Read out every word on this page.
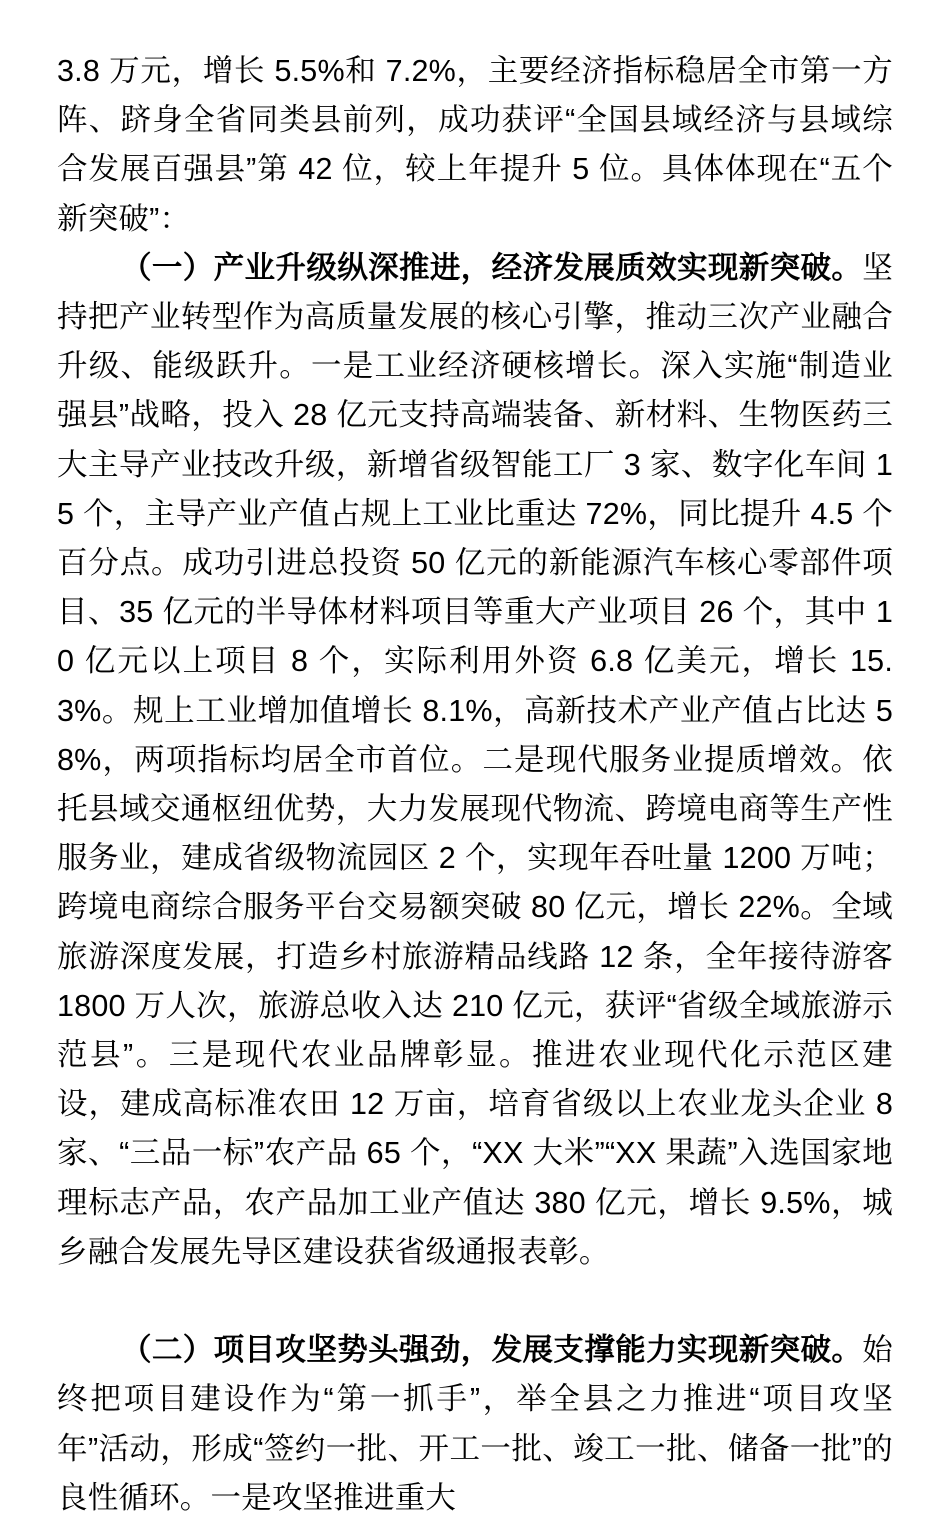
3.8 万元，增长 5.5%和 7.2%，主要经济指标稳居全市第一方阵、跻身全省同类县前列，成功获评“全国县域经济与县域综合发展百强县”第 42 位，较上年提升 5 位。具体体现在“五个新突破”：

（一）产业升级纵深推进，经济发展质效实现新突破。坚持把产业转型作为高质量发展的核心引擎，推动三次产业融合升级、能级跃升。一是工业经济硬核增长。深入实施“制造业强县”战略，投入 28 亿元支持高端装备、新材料、生物医药三大主导产业技改升级，新增省级智能工厂 3 家、数字化车间 15 个，主导产业产值占规上工业比重达 72%，同比提升 4.5 个百分点。成功引进总投资 50 亿元的新能源汽车核心零部件项目、35 亿元的半导体材料项目等重大产业项目 26 个，其中 10 亿元以上项目 8 个，实际利用外资 6.8 亿美元，增长 15.3%。规上工业增加值增长 8.1%，高新技术产业产值占比达 58%，两项指标均居全市首位。二是现代服务业提质增效。依托县域交通枢纽优势，大力发展现代物流、跨境电商等生产性服务业，建成省级物流园区 2 个，实现年吞吐量 1200 万吨；跨境电商综合服务平台交易额突破 80 亿元，增长 22%。全域旅游深度发展，打造乡村旅游精品线路 12 条，全年接待游客 1800 万人次，旅游总收入达 210 亿元，获评“省级全域旅游示范县”。三是现代农业品牌彰显。推进农业现代化示范区建设，建成高标准农田 12 万亩，培育省级以上农业龙头企业 8 家、“三品一标”农产品 65 个，“XX 大米”“XX 果蔬”入选国家地理标志产品，农产品加工业产值达 380 亿元，增长 9.5%，城乡融合发展先导区建设获省级通报表彰。

（二）项目攻坚势头强劲，发展支撑能力实现新突破。始终把项目建设作为“第一抓手”，举全县之力推进“项目攻坚年”活动，形成“签约一批、开工一批、竣工一批、储备一批”的良性循环。一是攻坚推进重大
